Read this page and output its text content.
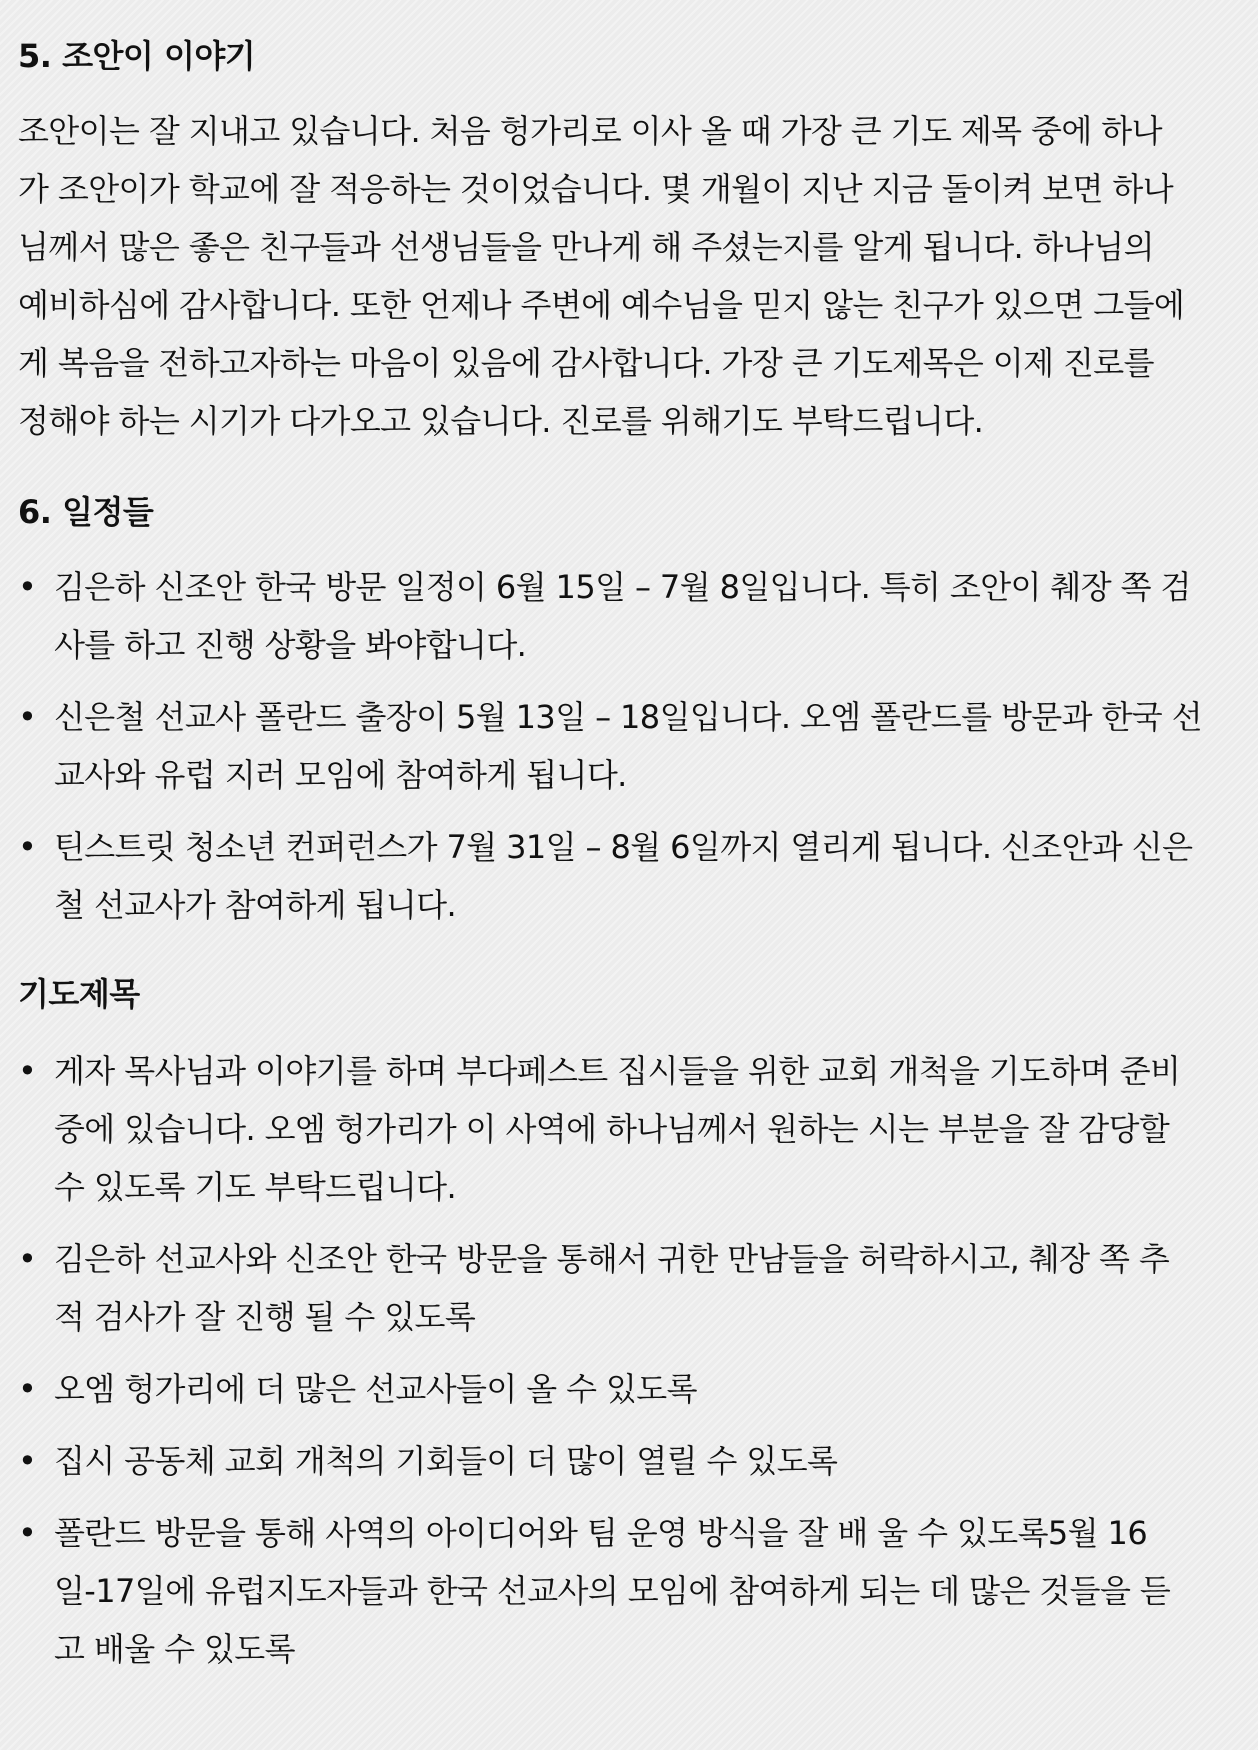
5. 조안이 이야기
조안이는 잘 지내고 있습니다. 처음 헝가리로 이사 올 때 가장 큰 기도 제목 중에 하나
가 조안이가 학교에 잘 적응하는 것이었습니다. 몇 개월이 지난 지금 돌이켜 보면 하나
님께서 많은 좋은 친구들과 선생님들을 만나게 해 주셨는지를 알게 됩니다. 하나님의
예비하심에 감사합니다. 또한 언제나 주변에 예수님을 믿지 않는 친구가 있으면 그들에
게 복음을 전하고자하는 마음이 있음에 감사합니다. 가장 큰 기도제목은 이제 진로를
정해야 하는 시기가 다가오고 있습니다. 진로를 위해기도 부탁드립니다.
6. 일정들
• 김은하 신조안 한국 방문 일정이 6월 15일 – 7월 8일입니다. 특히 조안이 췌장 쪽 검
사를 하고 진행 상황을 봐야합니다.
• 신은철 선교사 폴란드 출장이 5월 13일 – 18일입니다. 오엠 폴란드를 방문과 한국 선
교사와 유럽 지러 모임에 참여하게 됩니다.
• 틴스트릿 청소년 컨퍼런스가 7월 31일 – 8월 6일까지 열리게 됩니다. 신조안과 신은
철 선교사가 참여하게 됩니다.
기도제목
• 게자 목사님과 이야기를 하며 부다페스트 집시들을 위한 교회 개척을 기도하며 준비
중에 있습니다. 오엠 헝가리가 이 사역에 하나님께서 원하는 시는 부분을 잘 감당할
수 있도록 기도 부탁드립니다.
• 김은하 선교사와 신조안 한국 방문을 통해서 귀한 만남들을 허락하시고, 췌장 쪽 추
적 검사가 잘 진행 될 수 있도록
• 오엠 헝가리에 더 많은 선교사들이 올 수 있도록
• 집시 공동체 교회 개척의 기회들이 더 많이 열릴 수 있도록
• 폴란드 방문을 통해 사역의 아이디어와 팀 운영 방식을 잘 배 울 수 있도록5월 16
일-17일에 유럽지도자들과 한국 선교사의 모임에 참여하게 되는 데 많은 것들을 듣
고 배울 수 있도록
